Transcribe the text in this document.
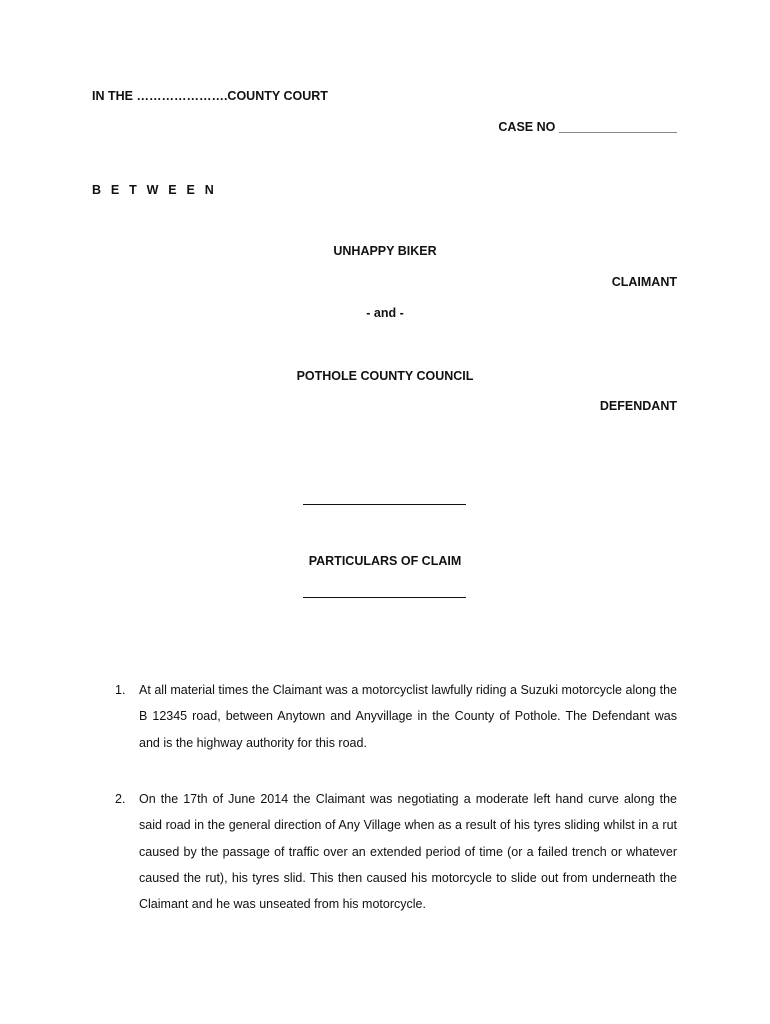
IN THE ………………….COUNTY COURT
CASE NO _________________
B E T W E E N
UNHAPPY BIKER
CLAIMANT
- and -
POTHOLE COUNTY COUNCIL
DEFENDANT
PARTICULARS OF CLAIM
1. At all material times the Claimant was a motorcyclist lawfully riding a Suzuki motorcycle along the B 12345 road, between Anytown and Anyvillage in the County of Pothole. The Defendant was and is the highway authority for this road.
2. On the 17th of June 2014 the Claimant was negotiating a moderate left hand curve along the said road in the general direction of Any Village when as a result of his tyres sliding whilst in a rut caused by the passage of traffic over an extended period of time (or a failed trench or whatever caused the rut), his tyres slid. This then caused his motorcycle to slide out from underneath the Claimant and he was unseated from his motorcycle.
